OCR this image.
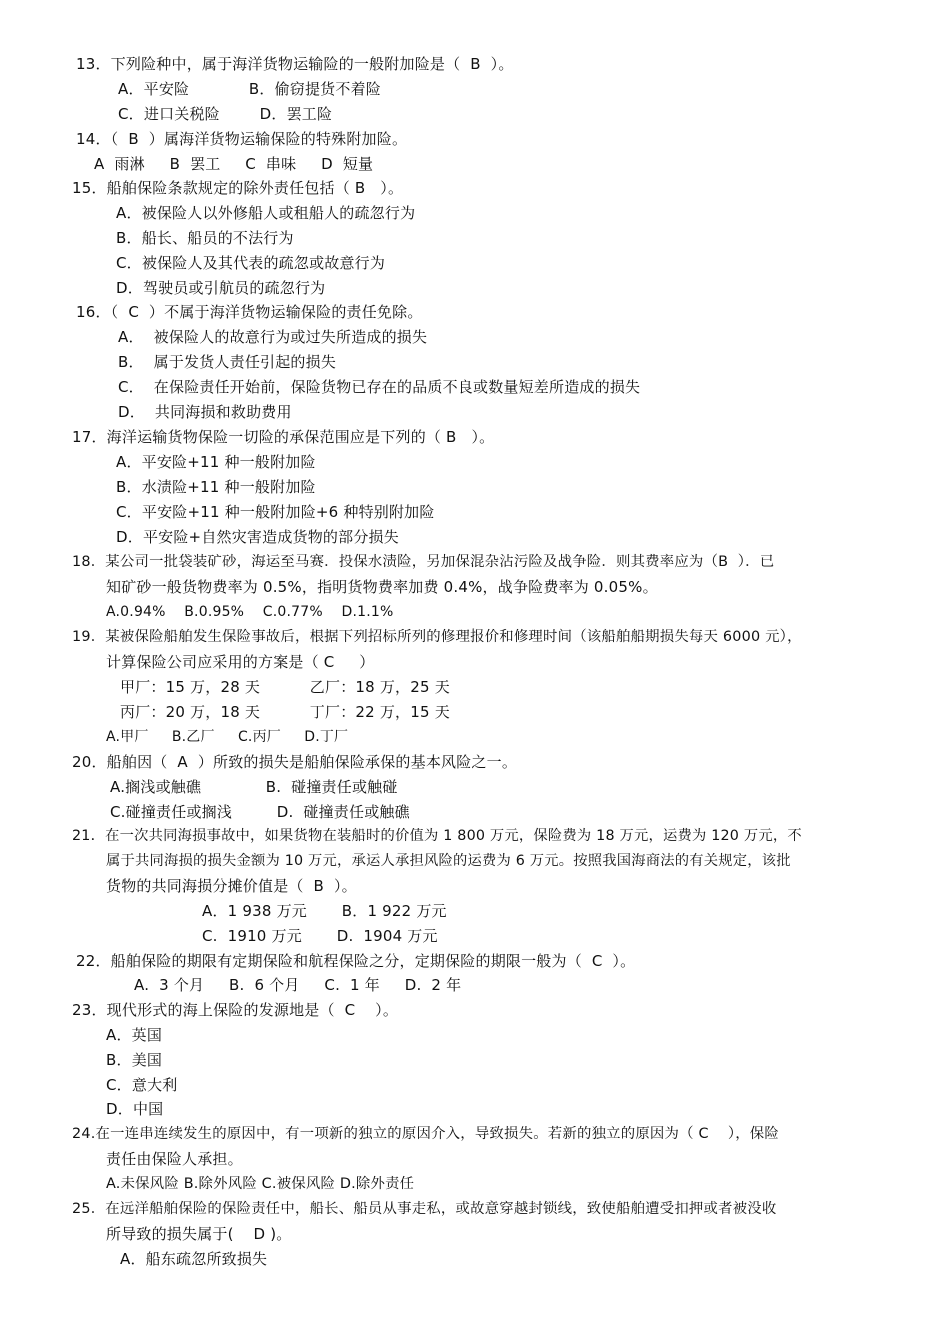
13．下列险种中，属于海洋货物运输险的一般附加险是（  B  ）。
A．平安险            B．偷窃提货不着险
C．进口关税险        D．罢工险
14．（  B  ）属海洋货物运输保险的特殊附加险。
A  雨淋     B  罢工     C  串味     D  短量
15．船舶保险条款规定的除外责任包括（ B   ）。
A．被保险人以外修船人或租船人的疏忽行为
B．船长、船员的不法行为
C．被保险人及其代表的疏忽或故意行为
D．驾驶员或引航员的疏忽行为
16．（  C  ）不属于海洋货物运输保险的责任免除。
A．  被保险人的故意行为或过失所造成的损失
B．  属于发货人责任引起的损失
C．  在保险责任开始前，保险货物已存在的品质不良或数量短差所造成的损失
D．  共同海损和救助费用
17．海洋运输货物保险一切险的承保范围应是下列的（ B   ）。
A．平安险+11 种一般附加险
B．水渍险+11 种一般附加险
C．平安险+11 种一般附加险+6 种特别附加险
D．平安险+自然灾害造成货物的部分损失
18．某公司一批袋装矿砂，海运至马赛．投保水渍险，另加保混杂沾污险及战争险．则其费率应为（B  ）．已
知矿砂一般货物费率为 0.5%，指明货物费率加费 0.4%，战争险费率为 0.05%。
A.0.94%    B.0.95%    C.0.77%    D.1.1%
19．某被保险船舶发生保险事故后，根据下列招标所列的修理报价和修理时间（该船舶船期损失每天 6000 元），
计算保险公司应采用的方案是（ C     ）
甲厂：15 万，28 天          乙厂：18 万，25 天
丙厂：20 万，18 天          丁厂：22 万，15 天
A.甲厂     B.乙厂     C.丙厂     D.丁厂
20．船舶因（  A  ）所致的损失是船舶保险承保的基本风险之一。
A.搁浅或触礁             B.  碰撞责任或触碰
C.碰撞责任或搁浅         D.  碰撞责任或触礁
21．在一次共同海损事故中，如果货物在装船时的价值为 1 800 万元，保险费为 18 万元，运费为 120 万元，不
属于共同海损的损失金额为 10 万元，承运人承担风险的运费为 6 万元。按照我国海商法的有关规定，该批
货物的共同海损分摊价值是（  B  ）。
A．1 938 万元       B．1 922 万元
C.  1910 万元       D.  1904 万元
22．船舶保险的期限有定期保险和航程保险之分，定期保险的期限一般为（  C  ）。
A.  3 个月     B.  6 个月     C.  1 年     D.  2 年
23．现代形式的海上保险的发源地是（  C    ）。
A．英国
B．美国
C．意大利
D．中国
24.在一连串连续发生的原因中，有一项新的独立的原因介入，导致损失。若新的独立的原因为（ C    ），保险
责任由保险人承担。
A.未保风险 B.除外风险 C.被保风险 D.除外责任
25．在远洋船舶保险的保险责任中，船长、船员从事走私，或故意穿越封锁线，致使船舶遭受扣押或者被没收
所导致的损失属于(    D )。
A．船东疏忽所致损失
